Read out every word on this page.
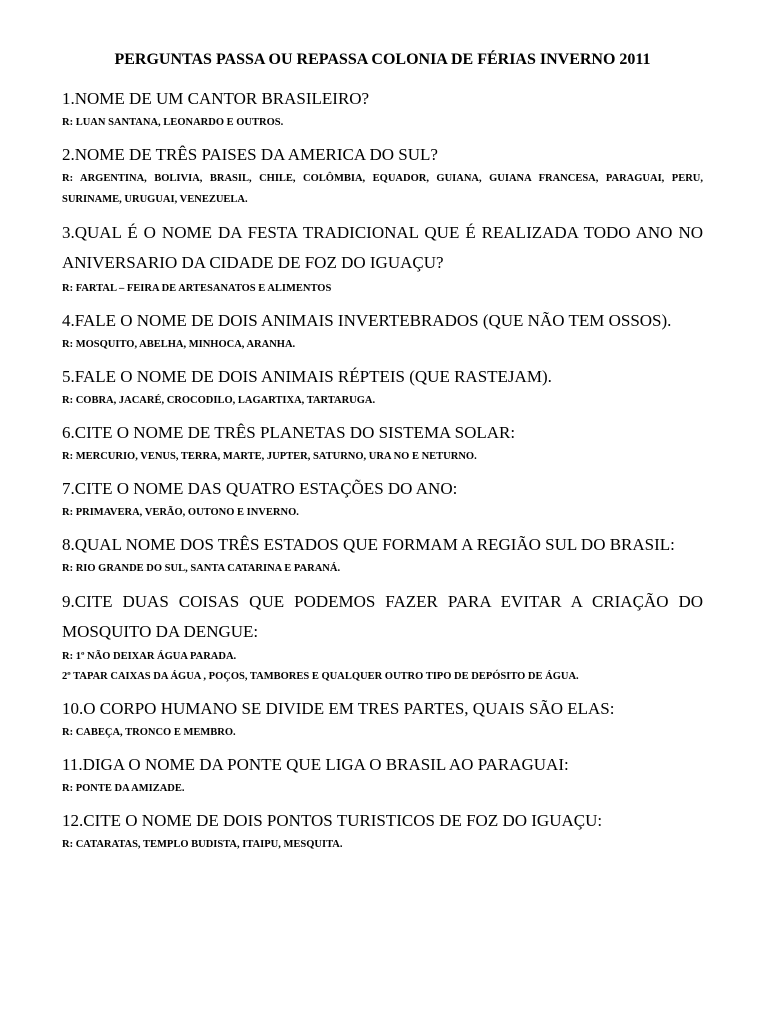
PERGUNTAS PASSA OU REPASSA COLONIA DE FÉRIAS INVERNO 2011

1.NOME DE UM CANTOR BRASILEIRO?

R: LUAN SANTANA, LEONARDO E OUTROS.

2.NOME DE TRÊS PAISES DA AMERICA DO SUL?

R: ARGENTINA, BOLIVIA, BRASIL, CHILE, COLÔMBIA, EQUADOR, GUIANA, GUIANA FRANCESA, PARAGUAI, PERU, SURINAME, URUGUAI, VENEZUELA.

3.QUAL É O NOME DA FESTA TRADICIONAL QUE É REALIZADA TODO ANO NO ANIVERSARIO DA CIDADE DE FOZ DO IGUAÇU?

R: FARTAL – FEIRA DE ARTESANATOS E ALIMENTOS

4.FALE O NOME DE DOIS ANIMAIS INVERTEBRADOS (QUE NÃO TEM OSSOS).

R: MOSQUITO, ABELHA, MINHOCA, ARANHA.

5.FALE O NOME DE DOIS ANIMAIS RÉPTEIS (QUE RASTEJAM).

R: COBRA, JACARÉ, CROCODILO, LAGARTIXA, TARTARUGA.

6.CITE O NOME DE TRÊS PLANETAS DO SISTEMA SOLAR:

R: MERCURIO, VENUS, TERRA, MARTE, JUPTER, SATURNO, URA NO E NETURNO.

7.CITE O NOME DAS QUATRO ESTAÇÕES DO ANO:

R: PRIMAVERA, VERÃO, OUTONO E INVERNO.

8.QUAL NOME DOS TRÊS ESTADOS QUE FORMAM A REGIÃO SUL DO BRASIL:

R: RIO GRANDE DO SUL, SANTA CATARINA E PARANÁ.

9.CITE DUAS COISAS QUE PODEMOS FAZER PARA EVITAR A CRIAÇÃO DO MOSQUITO DA DENGUE:

R: 1º NÃO DEIXAR ÁGUA PARADA.

2º TAPAR CAIXAS DA ÁGUA , POÇOS, TAMBORES E QUALQUER OUTRO TIPO DE DEPÓSITO DE ÁGUA.

10.O CORPO HUMANO SE DIVIDE EM TRES PARTES, QUAIS SÃO ELAS:

R: CABEÇA, TRONCO E MEMBRO.

11.DIGA O NOME DA PONTE QUE LIGA O BRASIL AO PARAGUAI:

R: PONTE DA AMIZADE.

12.CITE O NOME DE DOIS PONTOS TURISTICOS DE FOZ DO IGUAÇU:

R: CATARATAS, TEMPLO BUDISTA, ITAIPU, MESQUITA.
